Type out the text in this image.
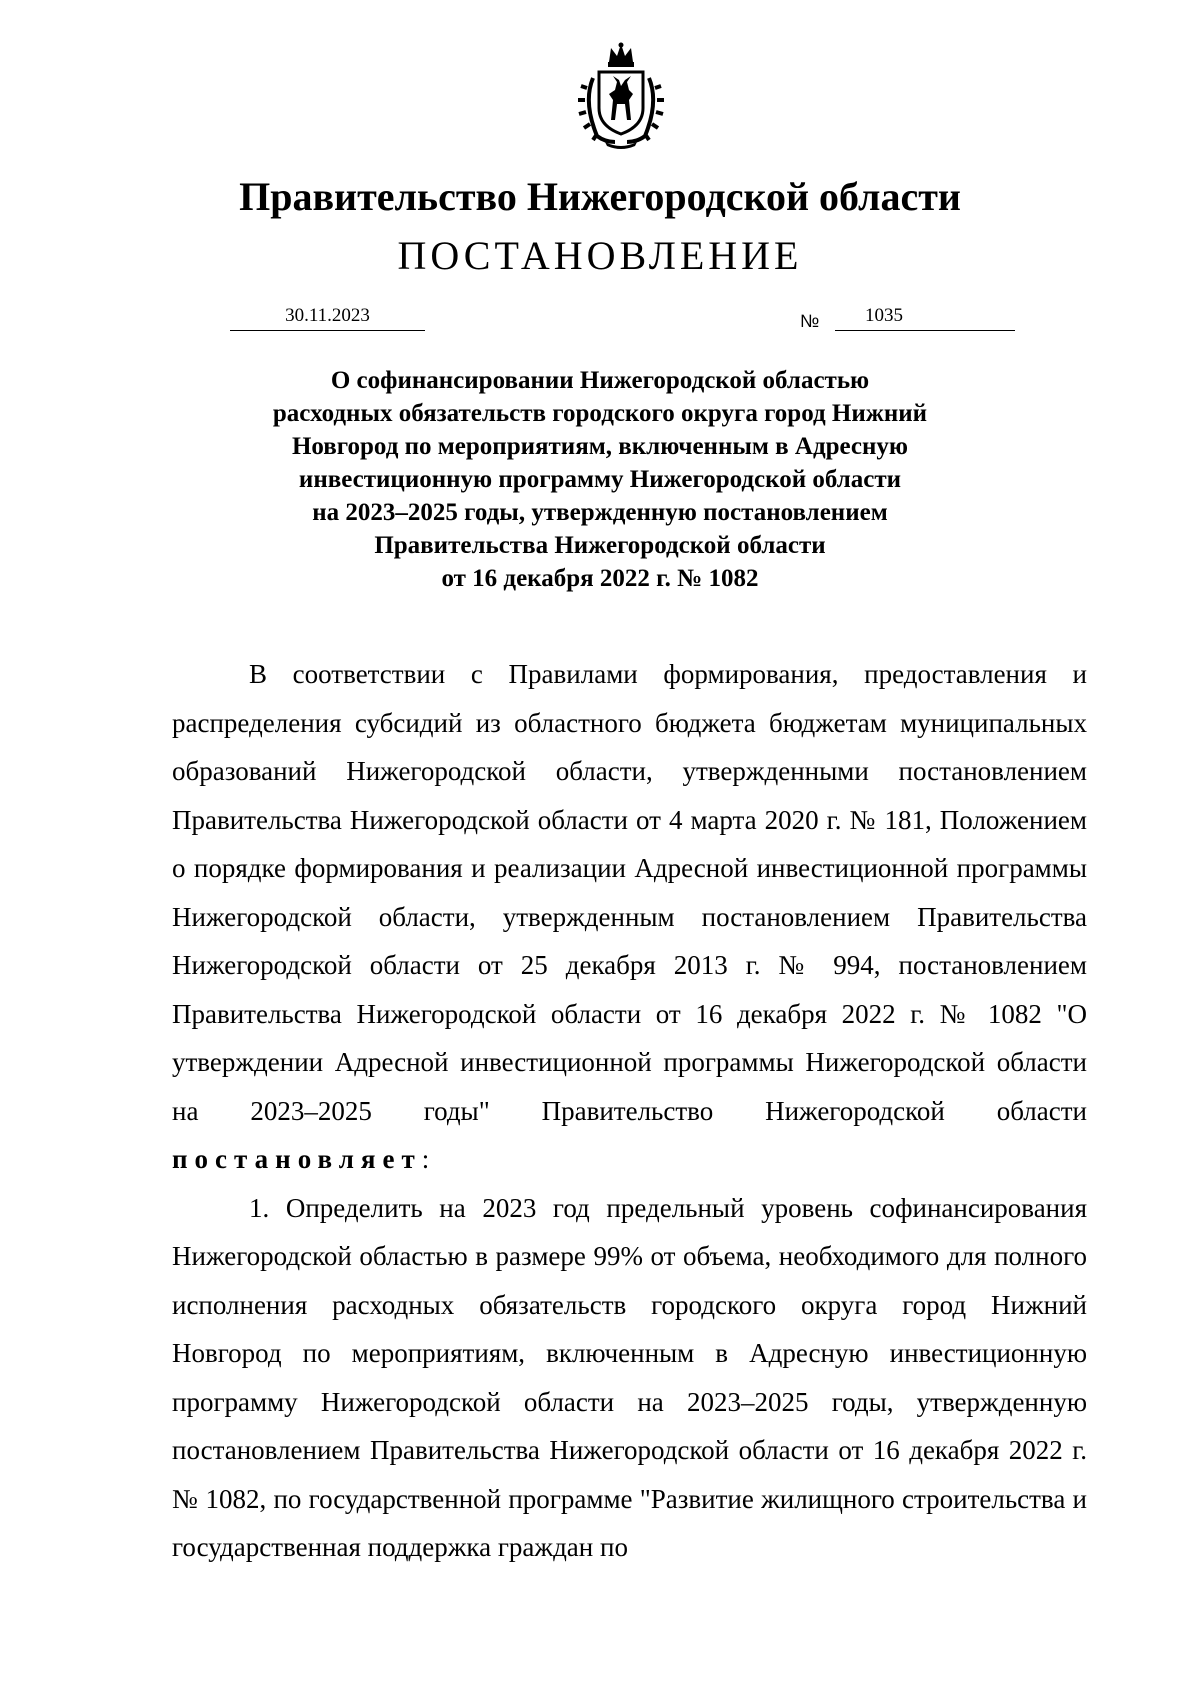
Правительство Нижегородской области
ПОСТАНОВЛЕНИЕ
30.11.2023	№	1035
О софинансировании Нижегородской областью
расходных обязательств городского округа город Нижний
Новгород по мероприятиям, включенным в Адресную
инвестиционную программу Нижегородской области
на 2023–2025 годы, утвержденную постановлением
Правительства Нижегородской области
от 16 декабря 2022 г. № 1082

В соответствии с Правилами формирования, предоставления и распределения субсидий из областного бюджета бюджетам муниципальных образований Нижегородской области, утвержденными постановлением Правительства Нижегородской области от 4 марта 2020 г. № 181, Положением о порядке формирования и реализации Адресной инвестиционной программы Нижегородской области, утвержденным постановлением Правительства Нижегородской области от 25 декабря 2013 г. № 994, постановлением Правительства Нижегородской области от 16 декабря 2022 г. № 1082 "О утверждении Адресной инвестиционной программы Нижегородской области на 2023–2025 годы" Правительство Нижегородской области постановляет:

1. Определить на 2023 год предельный уровень софинансирования Нижегородской областью в размере 99% от объема, необходимого для полного исполнения расходных обязательств городского округа город Нижний Новгород по мероприятиям, включенным в Адресную инвестиционную программу Нижегородской области на 2023–2025 годы, утвержденную постановлением Правительства Нижегородской области от 16 декабря 2022 г. № 1082, по государственной программе "Развитие жилищного строительства и государственная поддержка граждан по
